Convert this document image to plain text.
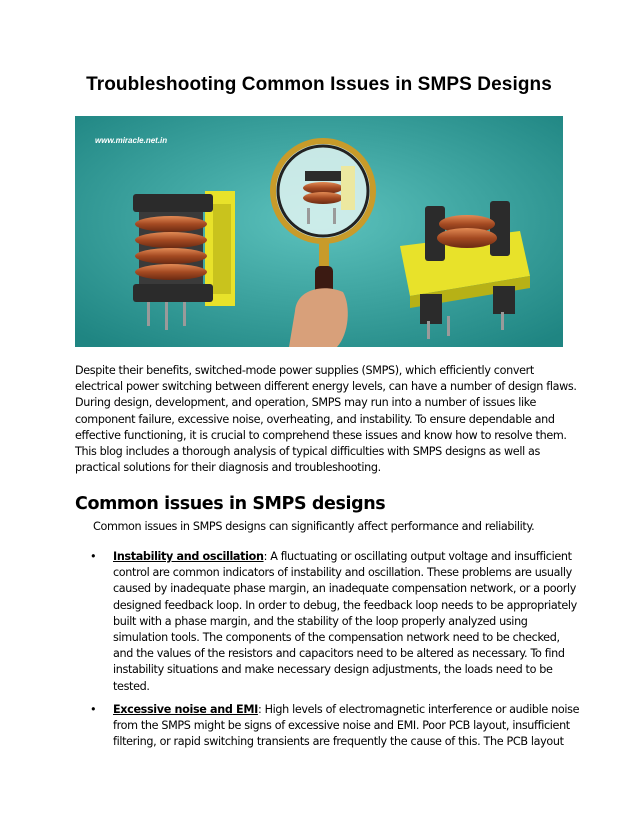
Troubleshooting Common Issues in SMPS Designs
www.miracle.net.in

Despite their benefits, switched-mode power supplies (SMPS), which efficiently convert

electrical power switching between different energy levels, can have a number of design flaws.

During design, development, and operation, SMPS may run into a number of issues like

component failure, excessive noise, overheating, and instability. To ensure dependable and

effective functioning, it is crucial to comprehend these issues and know how to resolve them.

This blog includes a thorough analysis of typical difficulties with SMPS designs as well as

practical solutions for their diagnosis and troubleshooting.

Common issues in SMPS designs
Common issues in SMPS designs can significantly affect performance and reliability.
• Instability and oscillation: A fluctuating or oscillating output voltage and insufficient

control are common indicators of instability and oscillation. These problems are usually

caused by inadequate phase margin, an inadequate compensation network, or a poorly

designed feedback loop. In order to debug, the feedback loop needs to be appropriately

built with a phase margin, and the stability of the loop properly analyzed using

simulation tools. The components of the compensation network need to be checked,

and the values of the resistors and capacitors need to be altered as necessary. To find

instability situations and make necessary design adjustments, the loads need to be

tested.

• Excessive noise and EMI: High levels of electromagnetic interference or audible noise

from the SMPS might be signs of excessive noise and EMI. Poor PCB layout, insufficient

filtering, or rapid switching transients are frequently the cause of this. The PCB layout
